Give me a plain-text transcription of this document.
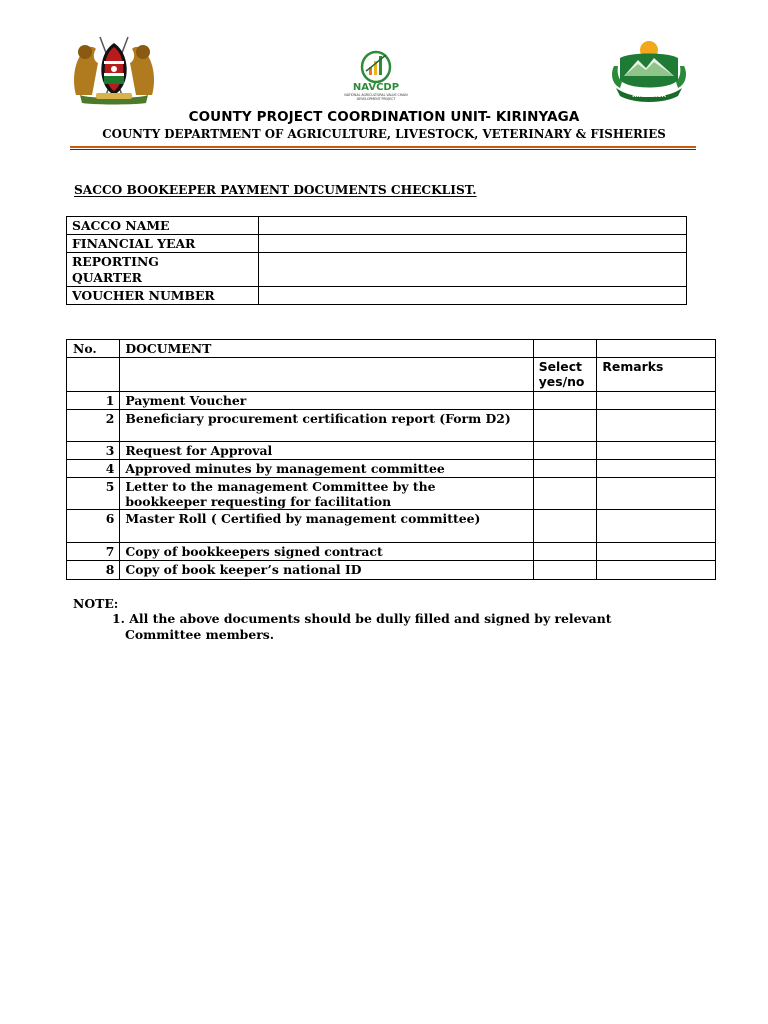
NAVCDP
NATIONAL AGRICULTURAL VALUE CHAIN
DEVELOPMENT PROJECT	KIRINYAGA
COUNTY PROJECT COORDINATION UNIT- KIRINYAGA
COUNTY DEPARTMENT OF AGRICULTURE, LIVESTOCK, VETERINARY & FISHERIES
SACCO BOOKEEPER PAYMENT DOCUMENTS CHECKLIST.
SACCO NAME	
FINANCIAL YEAR	

REPORTING
QUARTER	

VOUCHER NUMBER	
No.	DOCUMENT		

		Select
yes/no	Remarks
1	Payment Voucher		
2	Beneficiary procurement certification report (Form D2)		
3	Request for Approval		
4	Approved minutes by management committee		
5	Letter to the management Committee by the
bookkeeper requesting for facilitation		

6	Master Roll ( Certified by management committee)		
7	Copy of bookkeepers signed contract		
8	Copy of book keeper’s national ID		
NOTE:
1. All the above documents should be dully filled and signed by relevant
Committee members.
